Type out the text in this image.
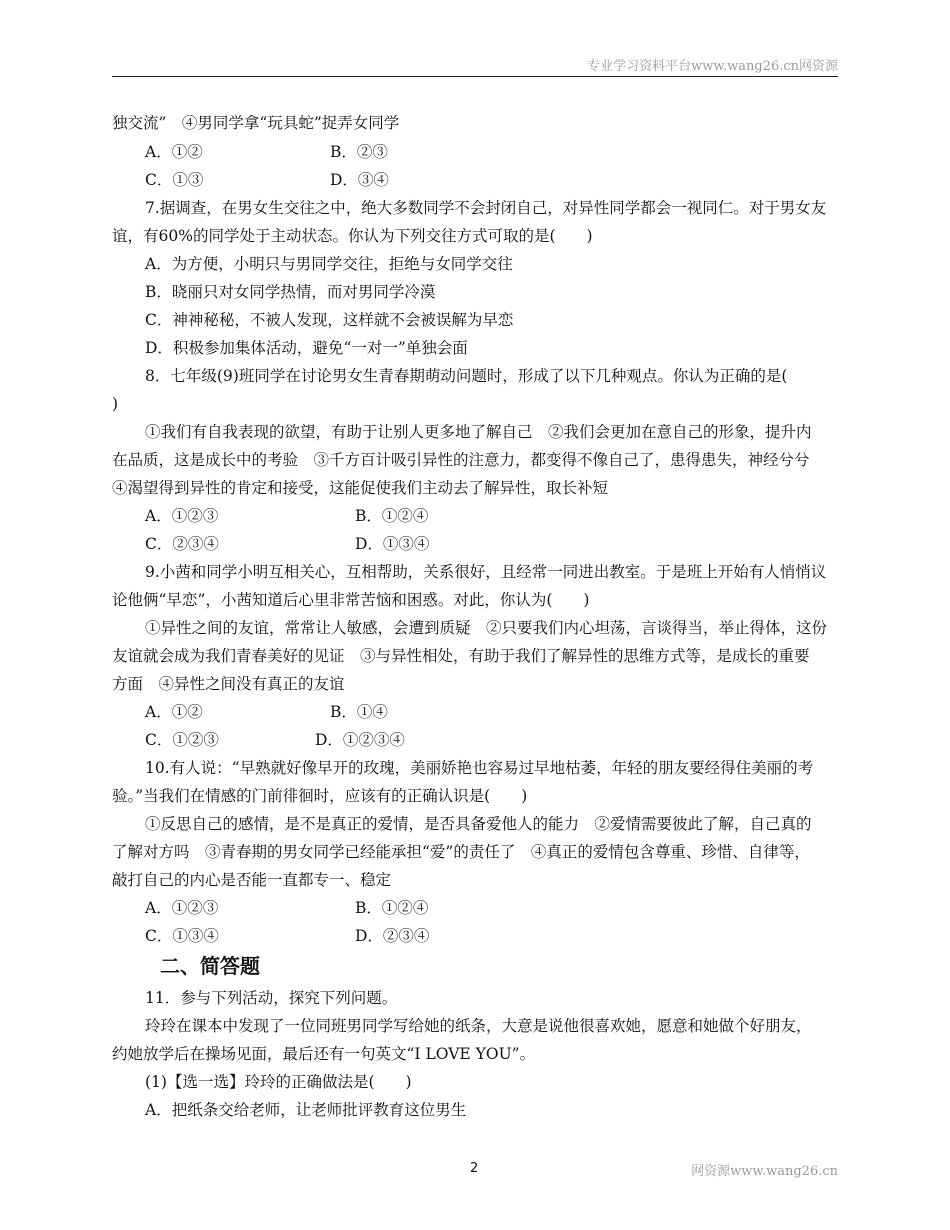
专业学习资料平台www.wang26.cn网资源
独交流”　④男同学拿“玩具蛇”捉弄女同学
A．①②	B．②③
C．①③	D．③④
7.据调查，在男女生交往之中，绝大多数同学不会封闭自己，对异性同学都会一视同仁。对于男女友
谊，有60%的同学处于主动状态。你认为下列交往方式可取的是(　　)
A．为方便，小明只与男同学交往，拒绝与女同学交往
B．晓丽只对女同学热情，而对男同学冷漠
C．神神秘秘，不被人发现，这样就不会被误解为早恋
D．积极参加集体活动，避免“一对一”单独会面
8．七年级(9)班同学在讨论男女生青春期萌动问题时，形成了以下几种观点。你认为正确的是(
)
①我们有自我表现的欲望，有助于让别人更多地了解自己　②我们会更加在意自己的形象，提升内
在品质，这是成长中的考验　③千方百计吸引异性的注意力，都变得不像自己了，患得患失，神经兮兮
④渴望得到异性的肯定和接受，这能促使我们主动去了解异性，取长补短
A．①②③	B．①②④
C．②③④	D．①③④
9.小茜和同学小明互相关心，互相帮助，关系很好，且经常一同进出教室。于是班上开始有人悄悄议
论他俩“早恋”，小茜知道后心里非常苦恼和困惑。对此，你认为(　　)
①异性之间的友谊，常常让人敏感，会遭到质疑　②只要我们内心坦荡，言谈得当，举止得体，这份
友谊就会成为我们青春美好的见证　③与异性相处，有助于我们了解异性的思维方式等，是成长的重要
方面　④异性之间没有真正的友谊
A．①②	B．①④
C．①②③	D．①②③④
10.有人说：“早熟就好像早开的玫瑰，美丽娇艳也容易过早地枯萎，年轻的朋友要经得住美丽的考
验。”当我们在情感的门前徘徊时，应该有的正确认识是(　　)
①反思自己的感情，是不是真正的爱情，是否具备爱他人的能力　②爱情需要彼此了解，自己真的
了解对方吗　③青春期的男女同学已经能承担“爱”的责任了　④真正的爱情包含尊重、珍惜、自律等，
敲打自己的内心是否能一直都专一、稳定
A．①②③	B．①②④
C．①③④	D．②③④
二、简答题
11．参与下列活动，探究下列问题。
玲玲在课本中发现了一位同班男同学写给她的纸条，大意是说他很喜欢她，愿意和她做个好朋友，
约她放学后在操场见面，最后还有一句英文“I LOVE YOU”。
(1)【选一选】玲玲的正确做法是(　　)
A．把纸条交给老师，让老师批评教育这位男生
2	网资源www.wang26.cn
